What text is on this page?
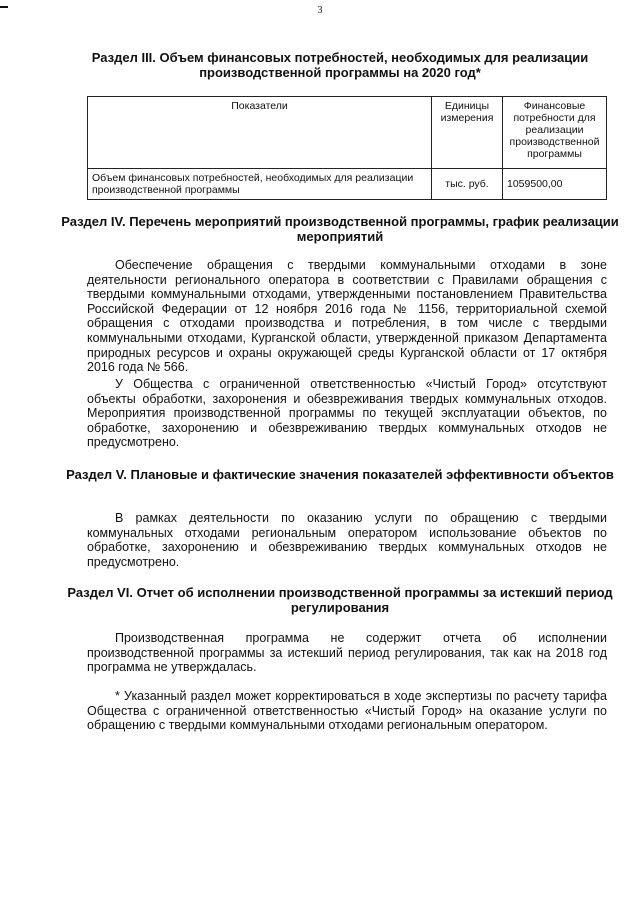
3
Раздел III. Объем финансовых потребностей, необходимых для реализации производственной программы на 2020 год*
Показатели	Единицы измерения	Финансовые потребности для реализации производственной программы
Объем финансовых потребностей, необходимых для реализации производственной программы	тыс. руб.	1059500,00
Раздел IV. Перечень мероприятий производственной программы, график реализации мероприятий
Обеспечение обращения с твердыми коммунальными отходами в зоне деятельности регионального оператора в соответствии с Правилами обращения с твердыми коммунальными отходами, утвержденными постановлением Правительства Российской Федерации от 12 ноября 2016 года № 1156, территориальной схемой обращения с отходами производства и потребления, в том числе с твердыми коммунальными отходами, Курганской области, утвержденной приказом Департамента природных ресурсов и охраны окружающей среды Курганской области от 17 октября 2016 года № 566.
У Общества с ограниченной ответственностью «Чистый Город» отсутствуют объекты обработки, захоронения и обезвреживания твердых коммунальных отходов. Мероприятия производственной программы по текущей эксплуатации объектов, по обработке, захоронению и обезвреживанию твердых коммунальных отходов не предусмотрено.
Раздел V. Плановые и фактические значения показателей эффективности объектов
В рамках деятельности по оказанию услуги по обращению с твердыми коммунальных отходами региональным оператором использование объектов по обработке, захоронению и обезвреживанию твердых коммунальных отходов не предусмотрено.
Раздел VI. Отчет об исполнении производственной программы за истекший период регулирования
Производственная программа не содержит отчета об исполнении производственной программы за истекший период регулирования, так как на 2018 год программа не утверждалась.
* Указанный раздел может корректироваться в ходе экспертизы по расчету тарифа Общества с ограниченной ответственностью «Чистый Город» на оказание услуги по обращению с твердыми коммунальными отходами региональным оператором.
